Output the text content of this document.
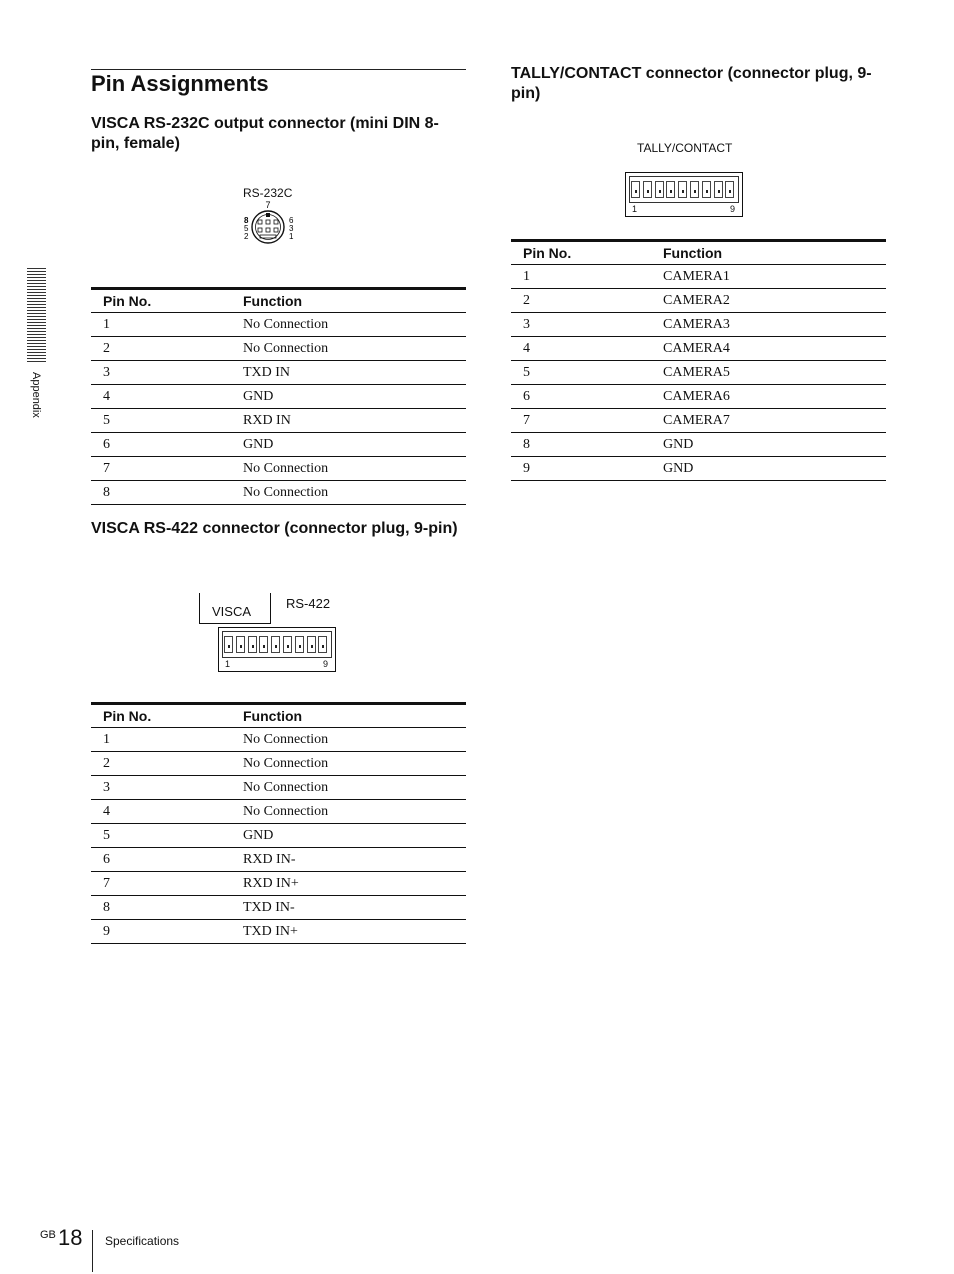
Appendix
Pin Assignments
VISCA RS-232C output connector (mini DIN 8-pin, female)
RS-232C
7
8
5
2
6
3
1
Pin No.	Function
1	No Connection
2	No Connection
3	TXD IN
4	GND
5	RXD IN
6	GND
7	No Connection
8	No Connection
VISCA RS-422 connector (connector plug, 9-pin)
VISCA
RS-422
1	9
Pin No.	Function
1	No Connection
2	No Connection
3	No Connection
4	No Connection
5	GND
6	RXD IN-
7	RXD IN+
8	TXD IN-
9	TXD IN+
TALLY/CONTACT connector (connector plug, 9-pin)
TALLY/CONTACT
1	9
Pin No.	Function
1	CAMERA1
2	CAMERA2
3	CAMERA3
4	CAMERA4
5	CAMERA5
6	CAMERA6
7	CAMERA7
8	GND
9	GND
GB 18 Specifications
